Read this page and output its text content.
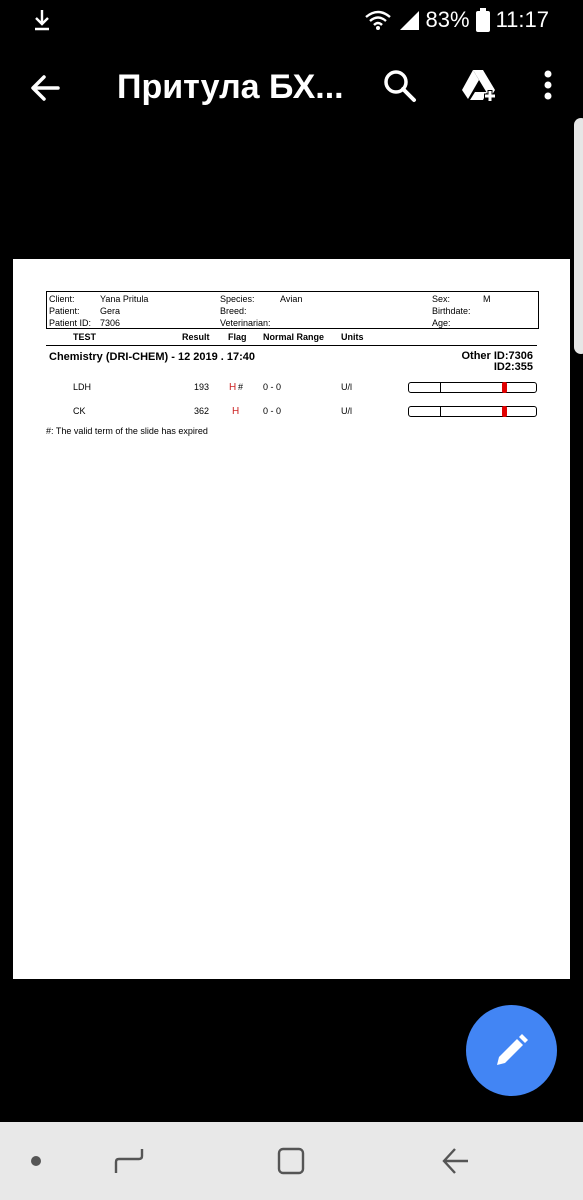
83% 11:17
Притула БХ...
Client:	Yana Pritula	Species:	Avian	Sex:	M
Patient: Gera	Breed:	Birthdate:
Patient ID: 7306	Veterinarian:	Age:
TEST	Result Flag Normal Range Units
Chemistry (DRI-CHEM) - 12 2019 . 17:40	Other ID:7306
ID2:355
LDH	193 H # 0 - 0	U/l
CK	362 H	0 - 0	U/l
#: The valid term of the slide has expired
